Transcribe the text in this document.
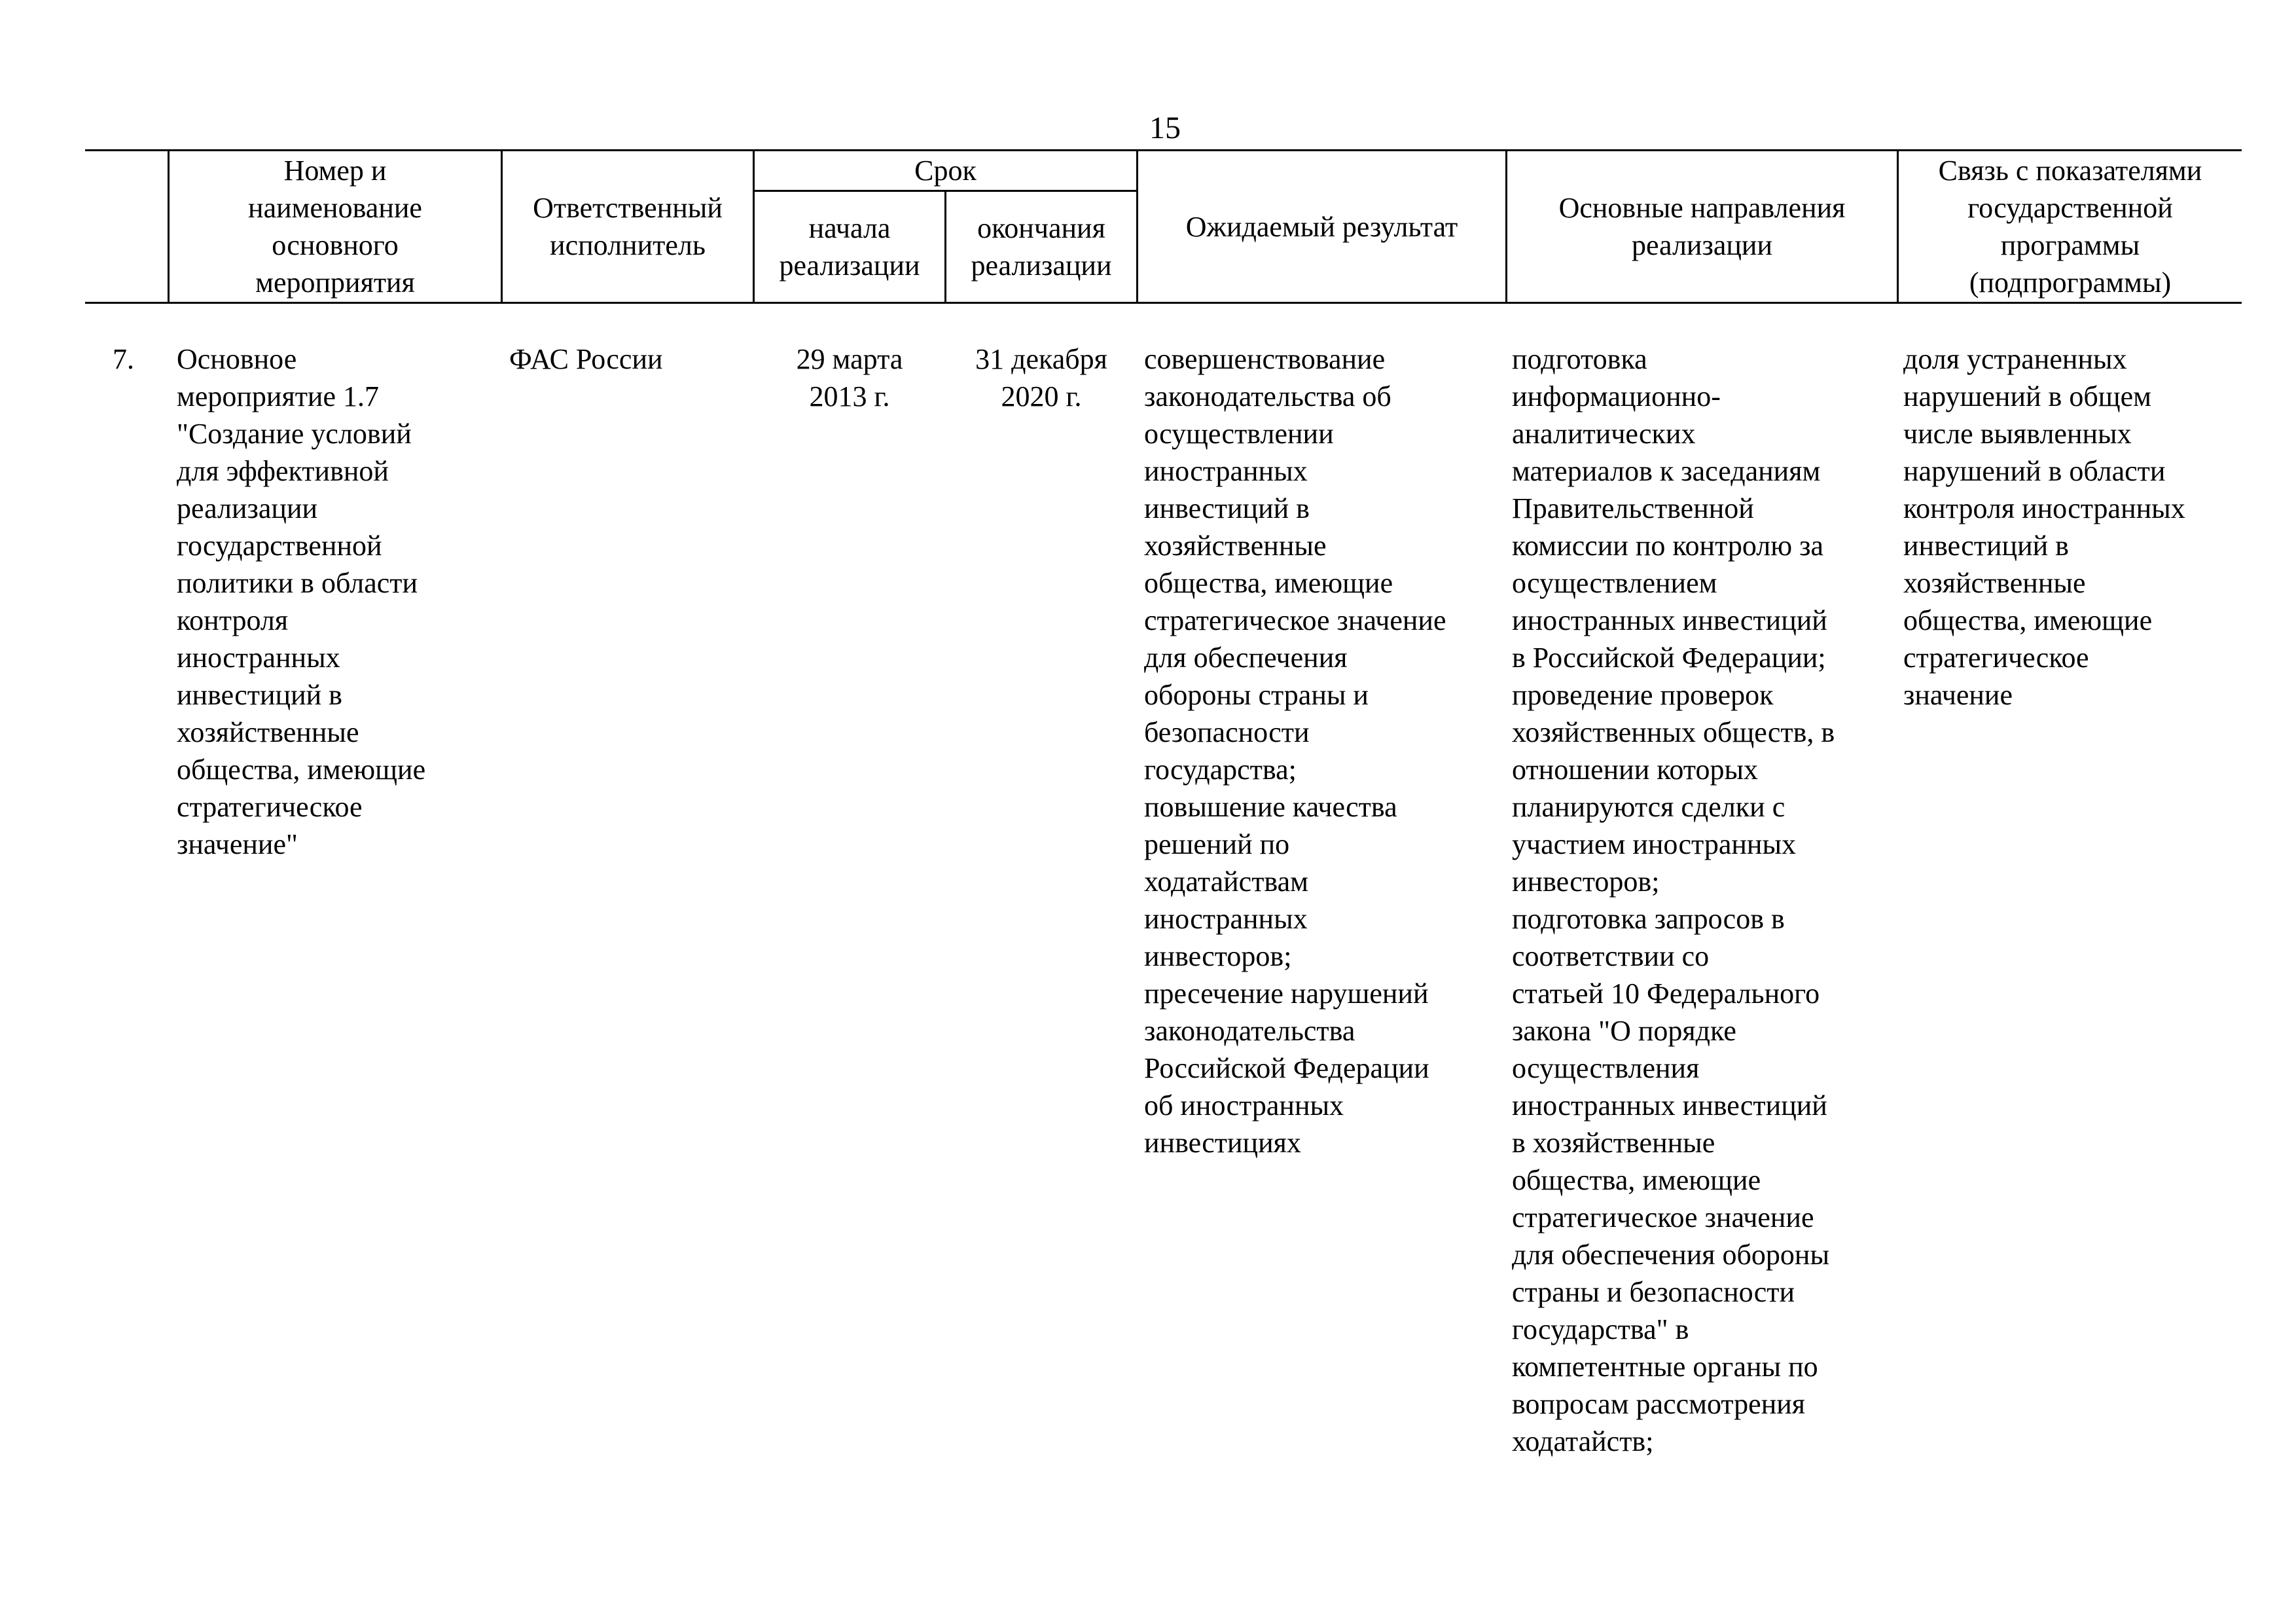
15
Номер и
наименование
основного
мероприятия
Ответственный
исполнитель
Срок
начала
реализации
окончания
реализации
Ожидаемый результат
Основные направления
реализации
Связь с показателями
государственной
программы
(подпрограммы)
7.	Основное
мероприятие 1.7
"Создание условий
для эффективной
реализации
государственной
политики в области
контроля
иностранных
инвестиций в
хозяйственные
общества, имеющие
стратегическое
значение"
ФАС России	29 марта
2013 г.
31 декабря
2020 г.
совершенствование
законодательства об
осуществлении
иностранных
инвестиций в
хозяйственные
общества, имеющие
стратегическое значение
для обеспечения
обороны страны и
безопасности
государства;
повышение качества
решений по
ходатайствам
иностранных
инвесторов;
пресечение нарушений
законодательства
Российской Федерации
об иностранных
инвестициях
подготовка
информационно-
аналитических
материалов к заседаниям
Правительственной
комиссии по контролю за
осуществлением
иностранных инвестиций
в Российской Федерации;
проведение проверок
хозяйственных обществ, в
отношении которых
планируются сделки с
участием иностранных
инвесторов;
подготовка запросов в
соответствии со
статьей 10 Федерального
закона "О порядке
осуществления
иностранных инвестиций
в хозяйственные
общества, имеющие
стратегическое значение
для обеспечения обороны
страны и безопасности
государства" в
компетентные органы по
вопросам рассмотрения
ходатайств;
доля устраненных
нарушений в общем
числе выявленных
нарушений в области
контроля иностранных
инвестиций в
хозяйственные
общества, имеющие
стратегическое
значение
